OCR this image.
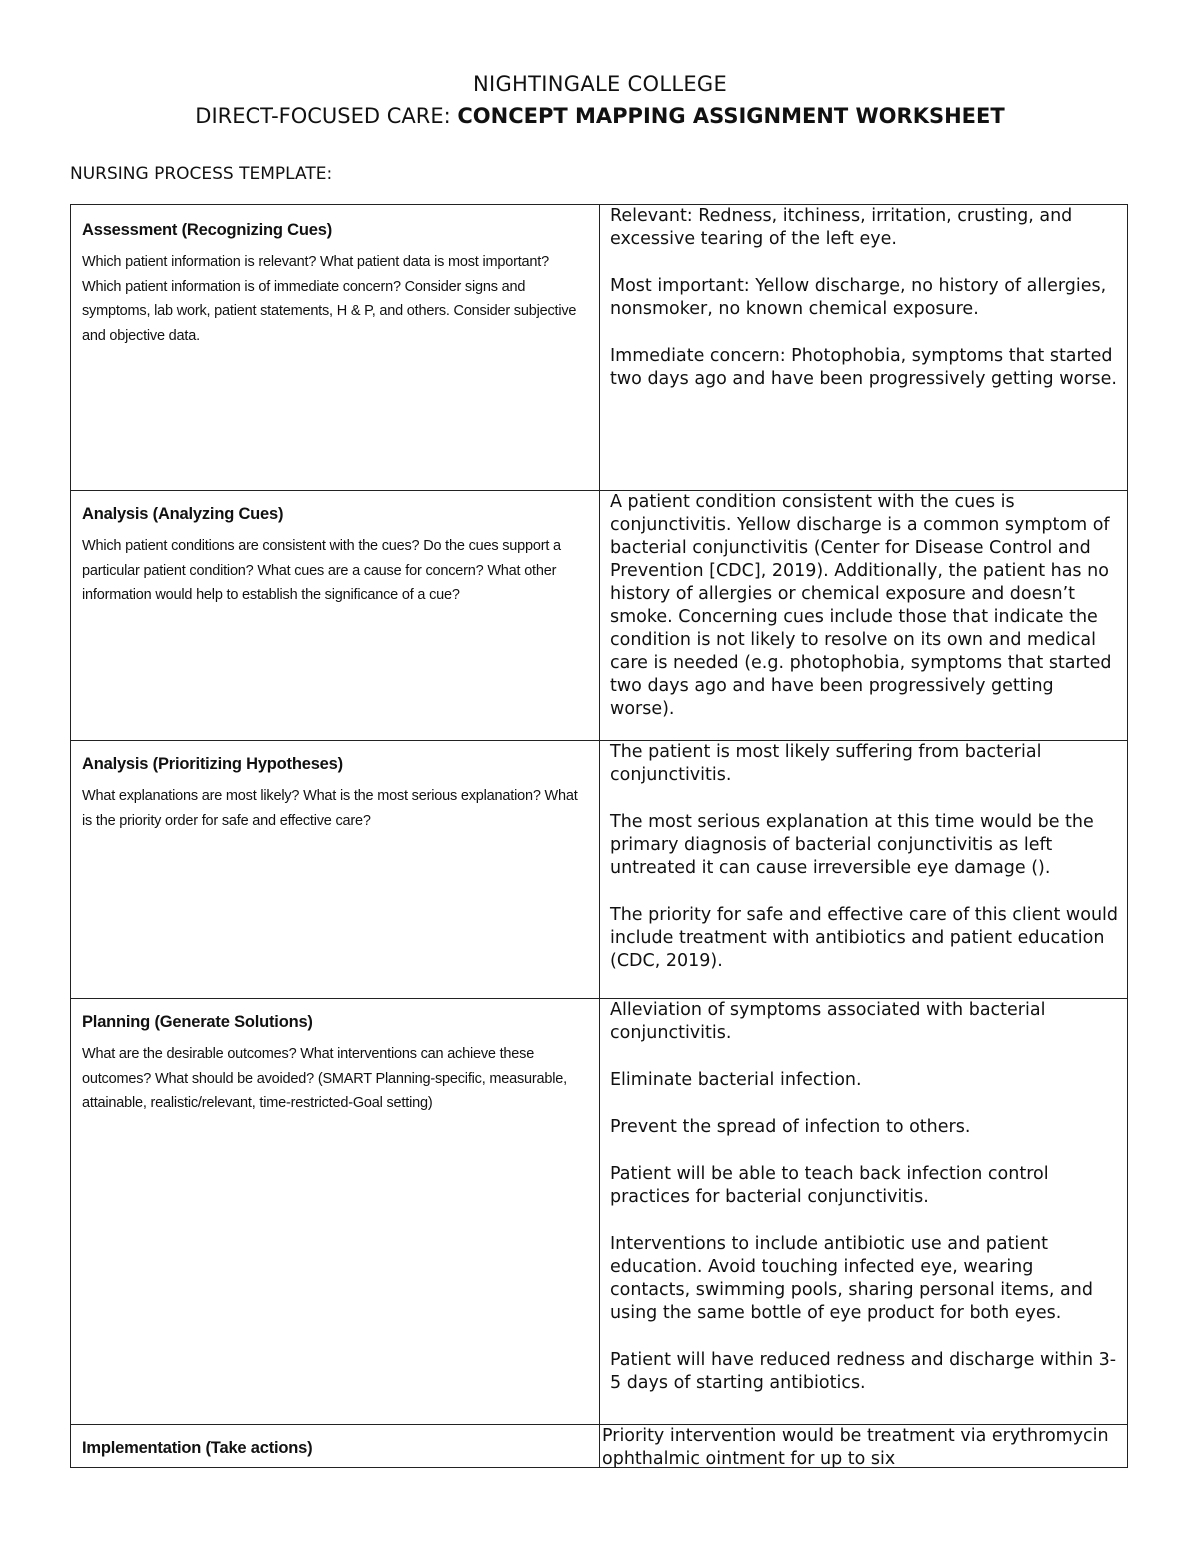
NIGHTINGALE COLLEGE
DIRECT-FOCUSED CARE: CONCEPT MAPPING ASSIGNMENT WORKSHEET
NURSING PROCESS TEMPLATE:
Assessment (Recognizing Cues)
Which patient information is relevant? What patient data is most important? Which patient information is of immediate concern? Consider signs and symptoms, lab work, patient statements, H & P, and others. Consider subjective and objective data.

Relevant: Redness, itchiness, irritation, crusting, and excessive tearing of the left eye.

Most important: Yellow discharge, no history of allergies, nonsmoker, no known chemical exposure.

Immediate concern: Photophobia, symptoms that started two days ago and have been progressively getting worse.

Analysis (Analyzing Cues)
Which patient conditions are consistent with the cues? Do the cues support a particular patient condition? What cues are a cause for concern? What other information would help to establish the significance of a cue?

A patient condition consistent with the cues is conjunctivitis. Yellow discharge is a common symptom of bacterial conjunctivitis (Center for Disease Control and Prevention [CDC], 2019). Additionally, the patient has no history of allergies or chemical exposure and doesn’t smoke. Concerning cues include those that indicate the condition is not likely to resolve on its own and medical care is needed (e.g. photophobia, symptoms that started two days ago and have been progressively getting worse).

Analysis (Prioritizing Hypotheses)
What explanations are most likely? What is the most serious explanation? What is the priority order for safe and effective care?

The patient is most likely suffering from bacterial conjunctivitis.

The most serious explanation at this time would be the primary diagnosis of bacterial conjunctivitis as left untreated it can cause irreversible eye damage ().

The priority for safe and effective care of this client would include treatment with antibiotics and patient education (CDC, 2019).

Planning (Generate Solutions)
What are the desirable outcomes? What interventions can achieve these outcomes? What should be avoided? (SMART Planning-specific, measurable, attainable, realistic/relevant, time-restricted-Goal setting)

Alleviation of symptoms associated with bacterial conjunctivitis.

Eliminate bacterial infection.

Prevent the spread of infection to others.

Patient will be able to teach back infection control practices for bacterial conjunctivitis.

Interventions to include antibiotic use and patient education. Avoid touching infected eye, wearing contacts, swimming pools, sharing personal items, and using the same bottle of eye product for both eyes.

Patient will have reduced redness and discharge within 3-5 days of starting antibiotics.

Implementation (Take actions)

Priority intervention would be treatment via erythromycin ophthalmic ointment for up to six
